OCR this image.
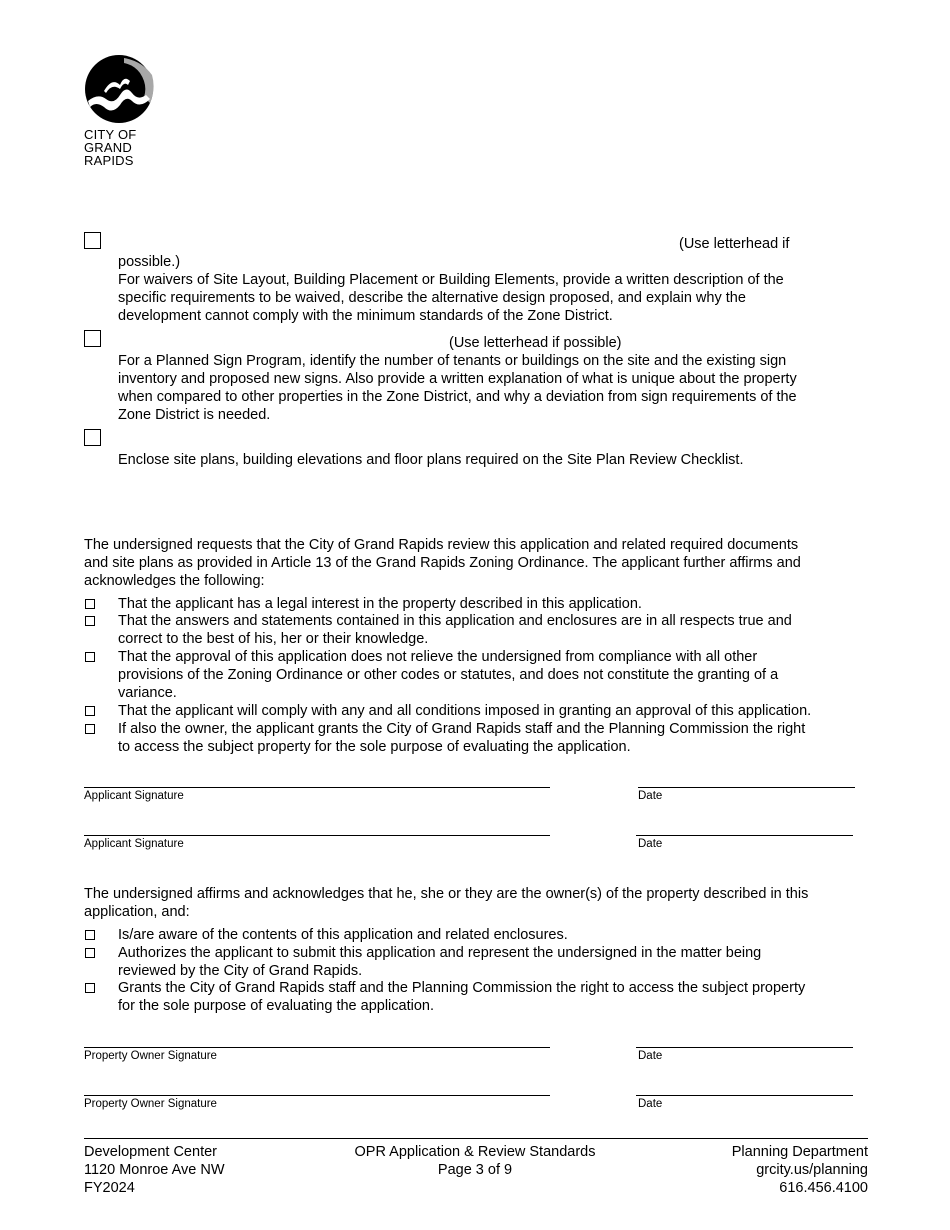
CITY OF
GRAND
RAPIDS
(Use letterhead if
possible.)
For waivers of Site Layout, Building Placement or Building Elements, provide a written description of the
specific requirements to be waived, describe the alternative design proposed, and explain why the
development cannot comply with the minimum standards of the Zone District.
(Use letterhead if possible)
For a Planned Sign Program, identify the number of tenants or buildings on the site and the existing sign
inventory and proposed new signs. Also provide a written explanation of what is unique about the property
when compared to other properties in the Zone District, and why a deviation from sign requirements of the
Zone District is needed.
Enclose site plans, building elevations and floor plans required on the Site Plan Review Checklist.
The undersigned requests that the City of Grand Rapids review this application and related required documents
and site plans as provided in Article 13 of the Grand Rapids Zoning Ordinance. The applicant further affirms and
acknowledges the following:
That the applicant has a legal interest in the property described in this application.
That the answers and statements contained in this application and enclosures are in all respects true and
correct to the best of his, her or their knowledge.
That the approval of this application does not relieve the undersigned from compliance with all other
provisions of the Zoning Ordinance or other codes or statutes, and does not constitute the granting of a
variance.
That the applicant will comply with any and all conditions imposed in granting an approval of this application.
If also the owner, the applicant grants the City of Grand Rapids staff and the Planning Commission the right
to access the subject property for the sole purpose of evaluating the application.
Applicant Signature	Date
Applicant Signature	Date
The undersigned affirms and acknowledges that he, she or they are the owner(s) of the property described in this
application, and:
Is/are aware of the contents of this application and related enclosures.
Authorizes the applicant to submit this application and represent the undersigned in the matter being
reviewed by the City of Grand Rapids.
Grants the City of Grand Rapids staff and the Planning Commission the right to access the subject property
for the sole purpose of evaluating the application.
Property Owner Signature	Date
Property Owner Signature	Date
Development Center
1120 Monroe Ave NW
FY2024
OPR Application & Review Standards
Page 3 of 9
Planning Department
grcity.us/planning
616.456.4100
